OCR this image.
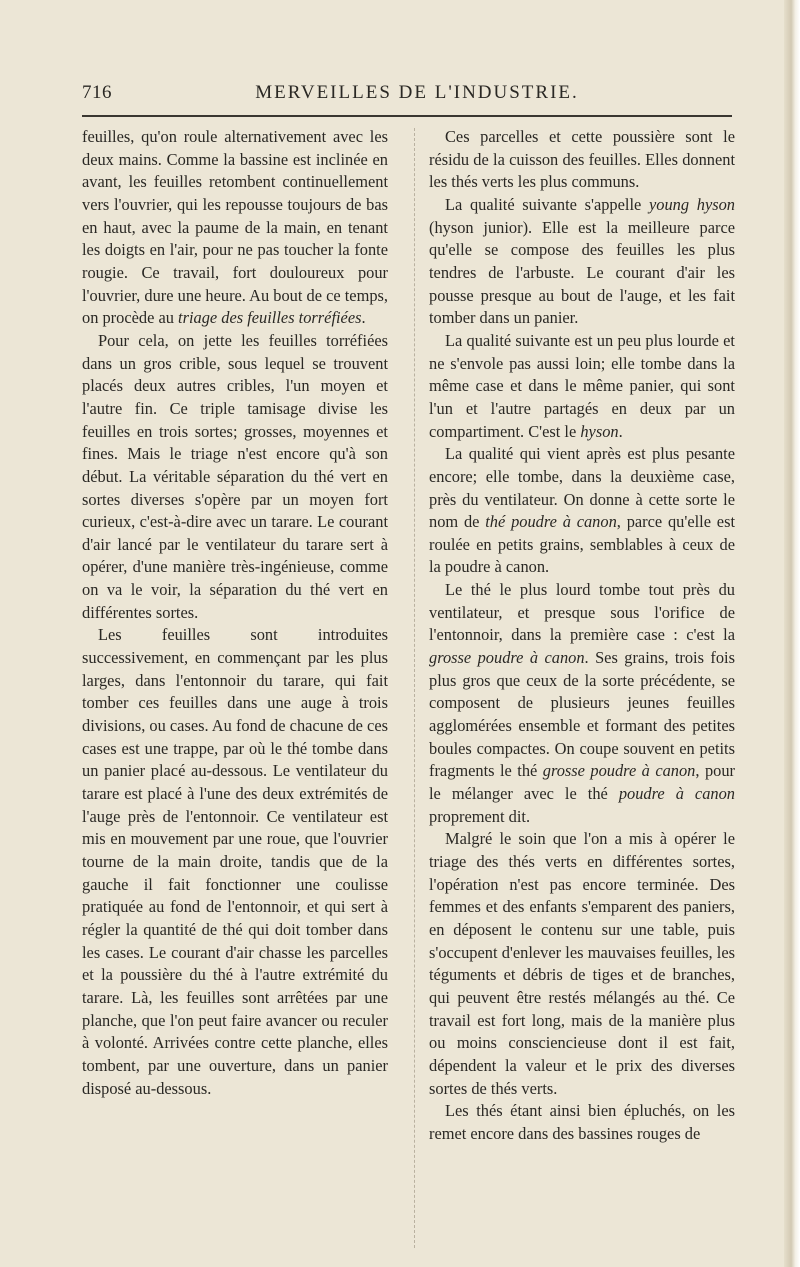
716	MERVEILLES DE L'INDUSTRIE.

feuilles, qu'on roule alternativement avec les deux mains. Comme la bassine est inclinée en avant, les feuilles retombent continuellement vers l'ouvrier, qui les repousse toujours de bas en haut, avec la paume de la main, en tenant les doigts en l'air, pour ne pas toucher la fonte rougie. Ce travail, fort douloureux pour l'ouvrier, dure une heure. Au bout de ce temps, on procède au triage des feuilles torréfiées.

Pour cela, on jette les feuilles torréfiées dans un gros crible, sous lequel se trouvent placés deux autres cribles, l'un moyen et l'autre fin. Ce triple tamisage divise les feuilles en trois sortes; grosses, moyennes et fines. Mais le triage n'est encore qu'à son début. La véritable séparation du thé vert en sortes diverses s'opère par un moyen fort curieux, c'est-à-dire avec un tarare. Le courant d'air lancé par le ventilateur du tarare sert à opérer, d'une manière très-ingénieuse, comme on va le voir, la séparation du thé vert en différentes sortes.

Les feuilles sont introduites successivement, en commençant par les plus larges, dans l'entonnoir du tarare, qui fait tomber ces feuilles dans une auge à trois divisions, ou cases. Au fond de chacune de ces cases est une trappe, par où le thé tombe dans un panier placé au-dessous. Le ventilateur du tarare est placé à l'une des deux extrémités de l'auge près de l'entonnoir. Ce ventilateur est mis en mouvement par une roue, que l'ouvrier tourne de la main droite, tandis que de la gauche il fait fonctionner une coulisse pratiquée au fond de l'entonnoir, et qui sert à régler la quantité de thé qui doit tomber dans les cases. Le courant d'air chasse les parcelles et la poussière du thé à l'autre extrémité du tarare. Là, les feuilles sont arrêtées par une planche, que l'on peut faire avancer ou reculer à volonté. Arrivées contre cette planche, elles tombent, par une ouverture, dans un panier disposé au-dessous.

Ces parcelles et cette poussière sont le résidu de la cuisson des feuilles. Elles donnent les thés verts les plus communs.

La qualité suivante s'appelle young hyson (hyson junior). Elle est la meilleure parce qu'elle se compose des feuilles les plus tendres de l'arbuste. Le courant d'air les pousse presque au bout de l'auge, et les fait tomber dans un panier.

La qualité suivante est un peu plus lourde et ne s'envole pas aussi loin; elle tombe dans la même case et dans le même panier, qui sont l'un et l'autre partagés en deux par un compartiment. C'est le hyson.

La qualité qui vient après est plus pesante encore; elle tombe, dans la deuxième case, près du ventilateur. On donne à cette sorte le nom de thé poudre à canon, parce qu'elle est roulée en petits grains, semblables à ceux de la poudre à canon.

Le thé le plus lourd tombe tout près du ventilateur, et presque sous l'orifice de l'entonnoir, dans la première case : c'est la grosse poudre à canon. Ses grains, trois fois plus gros que ceux de la sorte précédente, se composent de plusieurs jeunes feuilles agglomérées ensemble et formant des petites boules compactes. On coupe souvent en petits fragments le thé grosse poudre à canon, pour le mélanger avec le thé poudre à canon proprement dit.

Malgré le soin que l'on a mis à opérer le triage des thés verts en différentes sortes, l'opération n'est pas encore terminée. Des femmes et des enfants s'emparent des paniers, en déposent le contenu sur une table, puis s'occupent d'enlever les mauvaises feuilles, les téguments et débris de tiges et de branches, qui peuvent être restés mélangés au thé. Ce travail est fort long, mais de la manière plus ou moins consciencieuse dont il est fait, dépendent la valeur et le prix des diverses sortes de thés verts.

Les thés étant ainsi bien épluchés, on les remet encore dans des bassines rouges de
